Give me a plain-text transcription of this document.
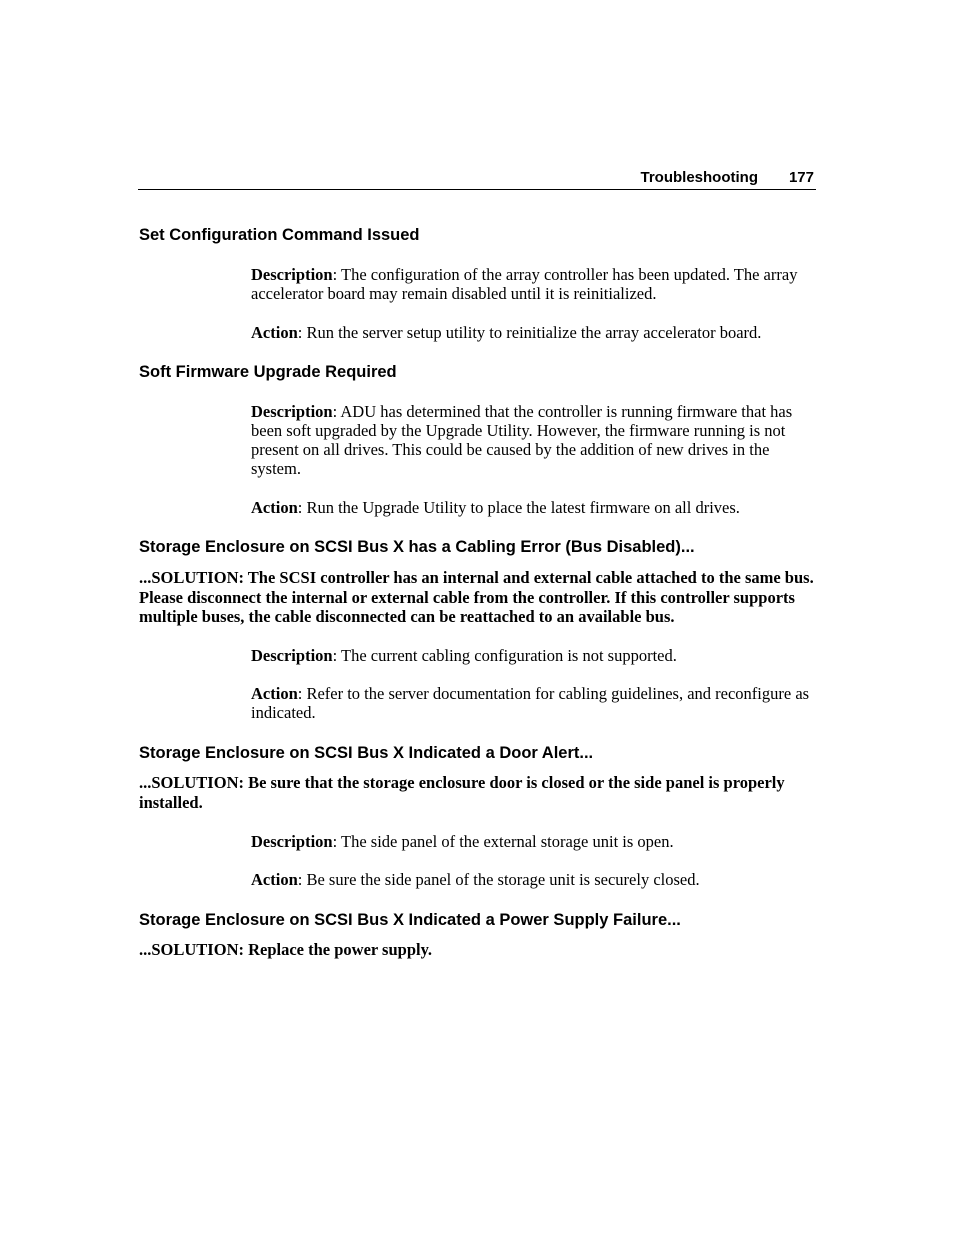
Troubleshooting 177
Set Configuration Command Issued
Description: The configuration of the array controller has been updated. The array accelerator board may remain disabled until it is reinitialized.
Action: Run the server setup utility to reinitialize the array accelerator board.
Soft Firmware Upgrade Required
Description: ADU has determined that the controller is running firmware that has been soft upgraded by the Upgrade Utility. However, the firmware running is not present on all drives. This could be caused by the addition of new drives in the system.
Action: Run the Upgrade Utility to place the latest firmware on all drives.
Storage Enclosure on SCSI Bus X has a Cabling Error (Bus Disabled)...
...SOLUTION: The SCSI controller has an internal and external cable attached to the same bus. Please disconnect the internal or external cable from the controller. If this controller supports multiple buses, the cable disconnected can be reattached to an available bus.
Description: The current cabling configuration is not supported.
Action: Refer to the server documentation for cabling guidelines, and reconfigure as indicated.
Storage Enclosure on SCSI Bus X Indicated a Door Alert...
...SOLUTION: Be sure that the storage enclosure door is closed or the side panel is properly installed.
Description: The side panel of the external storage unit is open.
Action: Be sure the side panel of the storage unit is securely closed.
Storage Enclosure on SCSI Bus X Indicated a Power Supply Failure...
...SOLUTION: Replace the power supply.
